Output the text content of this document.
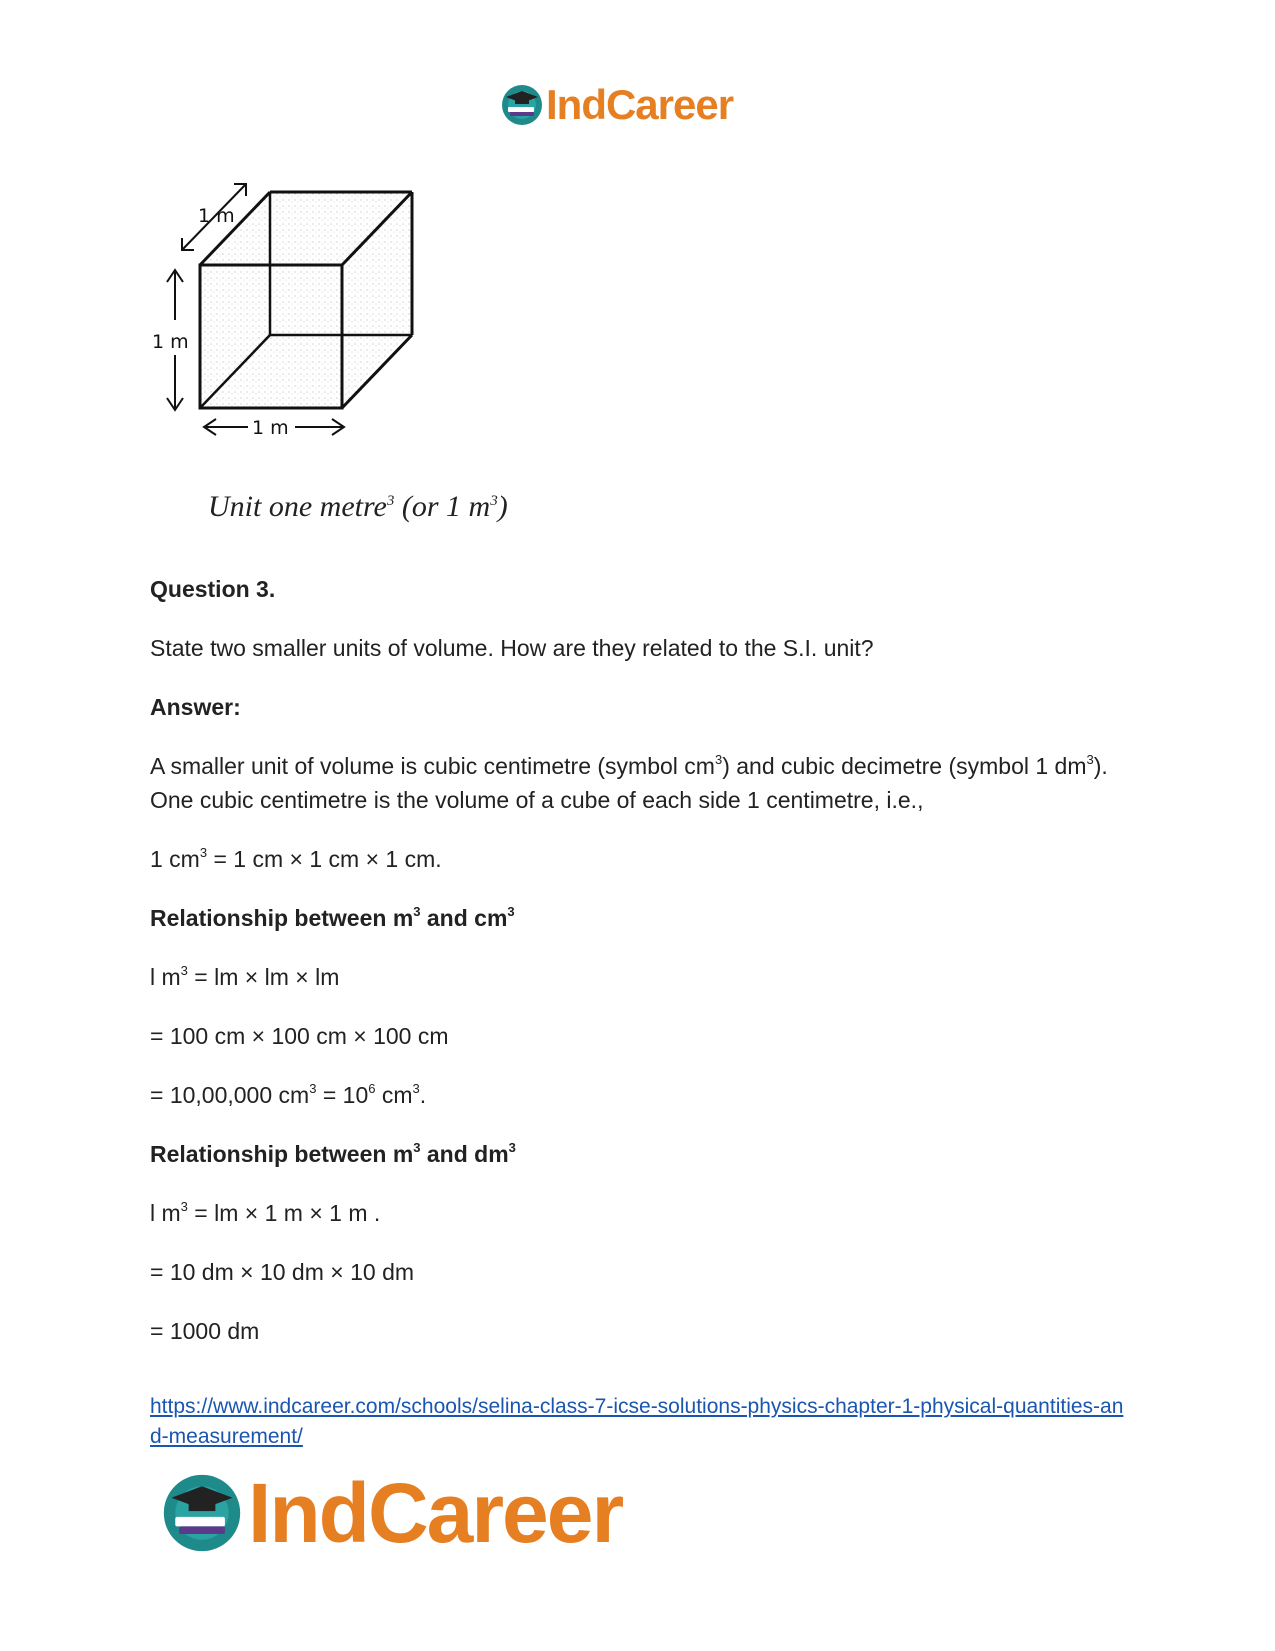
IndCareer
1 m
1 m
1 m
Unit one metre$^3$ (or 1 $m^3$)

Question 3.

State two smaller units of volume. How are they related to the S.I. unit?

Answer:

A smaller unit of volume is cubic centimetre (symbol $cm^3$) and cubic decimetre (symbol 1 $dm^3$). One cubic centimetre is the volume of a cube of each side 1 centimetre, i.e.,

1 $cm^3 = 1$ cm × 1 cm × 1 cm.

Relationship between $m^3$ and $cm^3$

l $m^3$ = lm × lm × lm

= 100 cm × 100 cm × 100 cm

= 10,00,000 $cm^3 = 10^6$ $cm^3$.

Relationship between $m^3$ and $dm^3$

l $m^3$ = lm × 1 m × 1 m .

= 10 dm × 10 dm × 10 dm

= 1000 dm

https://www.indcareer.com/schools/selina-class-7-icse-solutions-physics-chapter-1-physical-quantities-and-measurement/
IndCareer
